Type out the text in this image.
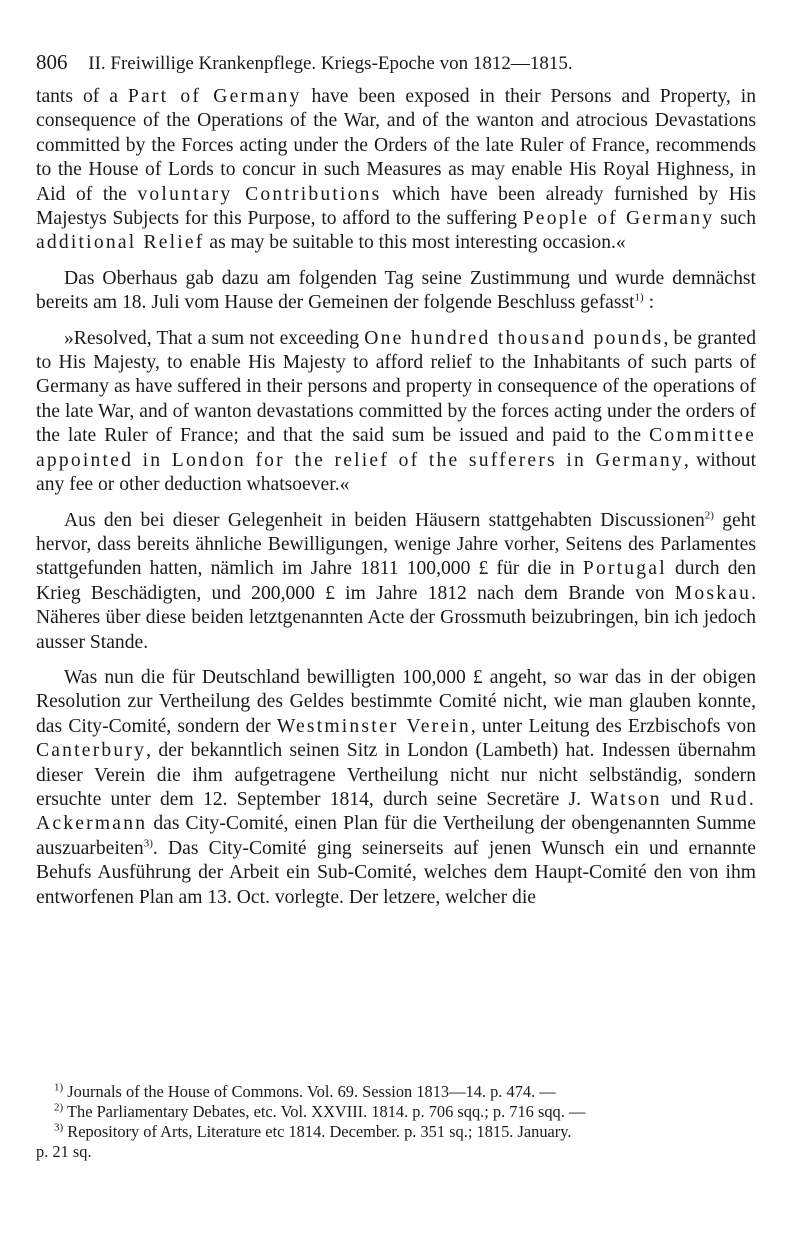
806 II. Freiwillige Krankenpflege. Kriegs-Epoche von 1812—1815.

tants of a Part of Germany have been exposed in their Persons and Property, in consequence of the Operations of the War, and of the wanton and atrocious Devastations committed by the Forces acting under the Orders of the late Ruler of France, recommends to the House of Lords to concur in such Measures as may enable His Royal Highness, in Aid of the voluntary Contributions which have been already furnished by His Majestys Subjects for this Purpose, to afford to the suffering People of Germany such additional Relief as may be suitable to this most interesting occasion.«

Das Oberhaus gab dazu am folgenden Tag seine Zustimmung und wurde demnächst bereits am 18. Juli vom Hause der Gemeinen der folgende Beschluss gefasst$^{1)}$ :

»Resolved, That a sum not exceeding One hundred thousand pounds, be granted to His Majesty, to enable His Majesty to afford relief to the Inhabitants of such parts of Germany as have suffered in their persons and property in consequence of the operations of the late War, and of wanton devastations committed by the forces acting under the orders of the late Ruler of France; and that the said sum be issued and paid to the Committee appointed in London for the relief of the sufferers in Germany, without any fee or other deduction whatsoever.«

Aus den bei dieser Gelegenheit in beiden Häusern stattgehabten Discussionen$^{2)}$ geht hervor, dass bereits ähnliche Bewilligungen, wenige Jahre vorher, Seitens des Parlamentes stattgefunden hatten, nämlich im Jahre 1811 100,000 £ für die in Portugal durch den Krieg Beschädigten, und 200,000 £ im Jahre 1812 nach dem Brande von Moskau. Näheres über diese beiden letztgenannten Acte der Grossmuth beizubringen, bin ich jedoch ausser Stande.

Was nun die für Deutschland bewilligten 100,000 £ angeht, so war das in der obigen Resolution zur Vertheilung des Geldes bestimmte Comité nicht, wie man glauben konnte, das City-Comité, sondern der Westminster Verein, unter Leitung des Erzbischofs von Canterbury, der bekanntlich seinen Sitz in London (Lambeth) hat. Indessen übernahm dieser Verein die ihm aufgetragene Vertheilung nicht nur nicht selbständig, sondern ersuchte unter dem 12. September 1814, durch seine Secretäre J. Watson und Rud. Ackermann das City-Comité, einen Plan für die Vertheilung der obengenannten Summe auszuarbeiten$^{3)}$. Das City-Comité ging seinerseits auf jenen Wunsch ein und ernannte Behufs Ausführung der Arbeit ein Sub-Comité, welches dem Haupt-Comité den von ihm entworfenen Plan am 13. Oct. vorlegte. Der letzere, welcher die

$^{1)}$ Journals of the House of Commons. Vol. 69. Session 1813—14. p. 474. —

$^{2)}$ The Parliamentary Debates, etc. Vol. XXVIII. 1814. p. 706 sqq.; p. 716 sqq. —

$^{3)}$ Repository of Arts, Literature etc 1814. December. p. 351 sq.; 1815. January.

p. 21 sq.
